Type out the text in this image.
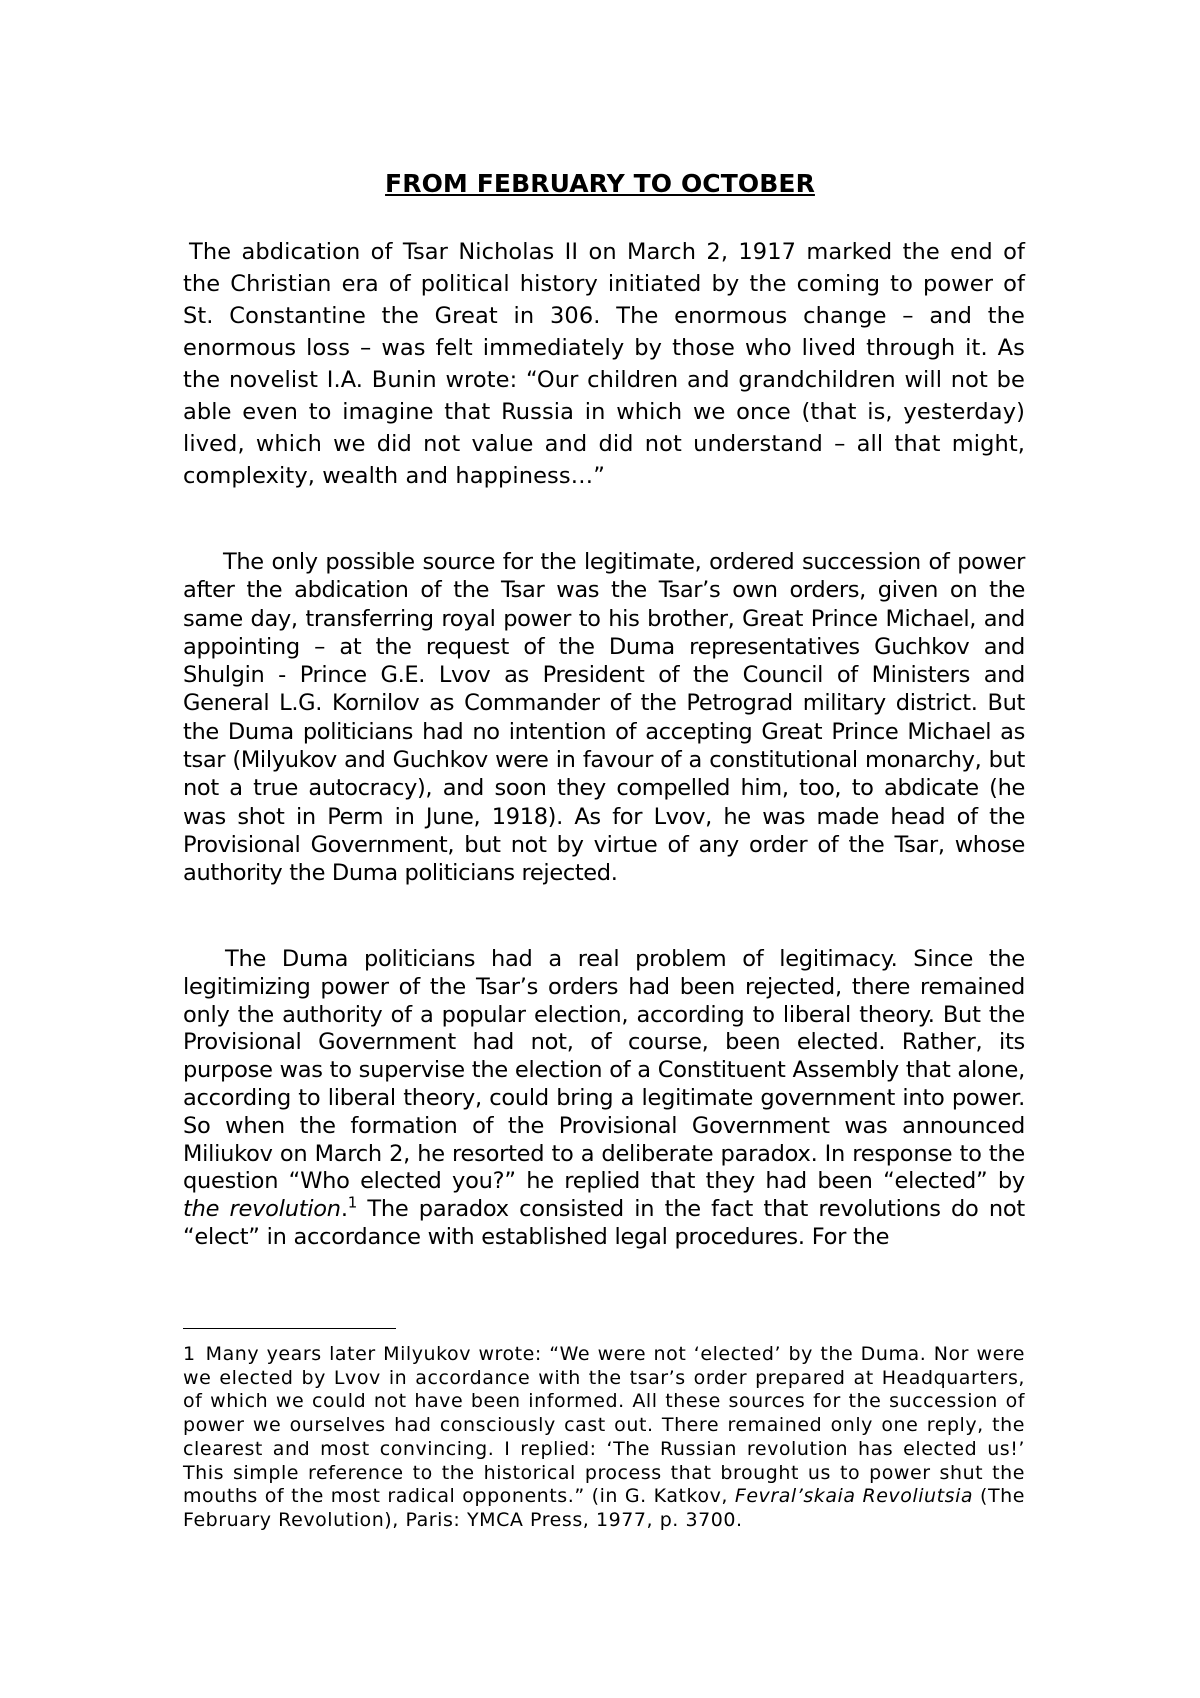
FROM FEBRUARY TO OCTOBER

The abdication of Tsar Nicholas II on March 2, 1917 marked the end of the Christian era of political history initiated by the coming to power of St. Constantine the Great in 306. The enormous change – and the enormous loss – was felt immediately by those who lived through it. As the novelist I.A. Bunin wrote: “Our children and grandchildren will not be able even to imagine that Russia in which we once (that is, yesterday) lived, which we did not value and did not understand – all that might, complexity, wealth and happiness…”

The only possible source for the legitimate, ordered succession of power after the abdication of the Tsar was the Tsar’s own orders, given on the same day, transferring royal power to his brother, Great Prince Michael, and appointing – at the request of the Duma representatives Guchkov and Shulgin - Prince G.E. Lvov as President of the Council of Ministers and General L.G. Kornilov as Commander of the Petrograd military district. But the Duma politicians had no intention of accepting Great Prince Michael as tsar (Milyukov and Guchkov were in favour of a constitutional monarchy, but not a true autocracy), and soon they compelled him, too, to abdicate (he was shot in Perm in June, 1918). As for Lvov, he was made head of the Provisional Government, but not by virtue of any order of the Tsar, whose authority the Duma politicians rejected.

The Duma politicians had a real problem of legitimacy. Since the legitimizing power of the Tsar’s orders had been rejected, there remained only the authority of a popular election, according to liberal theory. But the Provisional Government had not, of course, been elected. Rather, its purpose was to supervise the election of a Constituent Assembly that alone, according to liberal theory, could bring a legitimate government into power. So when the formation of the Provisional Government was announced Miliukov on March 2, he resorted to a deliberate paradox. In response to the question “Who elected you?” he replied that they had been “elected” by the revolution.$^1$ The paradox consisted in the fact that revolutions do not “elect” in accordance with established legal procedures. For the

1 Many years later Milyukov wrote: “We were not ‘elected’ by the Duma. Nor were we elected by Lvov in accordance with the tsar’s order prepared at Headquarters, of which we could not have been informed. All these sources for the succession of power we ourselves had consciously cast out. There remained only one reply, the clearest and most convincing. I replied: ‘The Russian revolution has elected us!’ This simple reference to the historical process that brought us to power shut the mouths of the most radical opponents.” (in G. Katkov, Fevral’skaia Revoliutsia (The February Revolution), Paris: YMCA Press, 1977, p. 3700.
